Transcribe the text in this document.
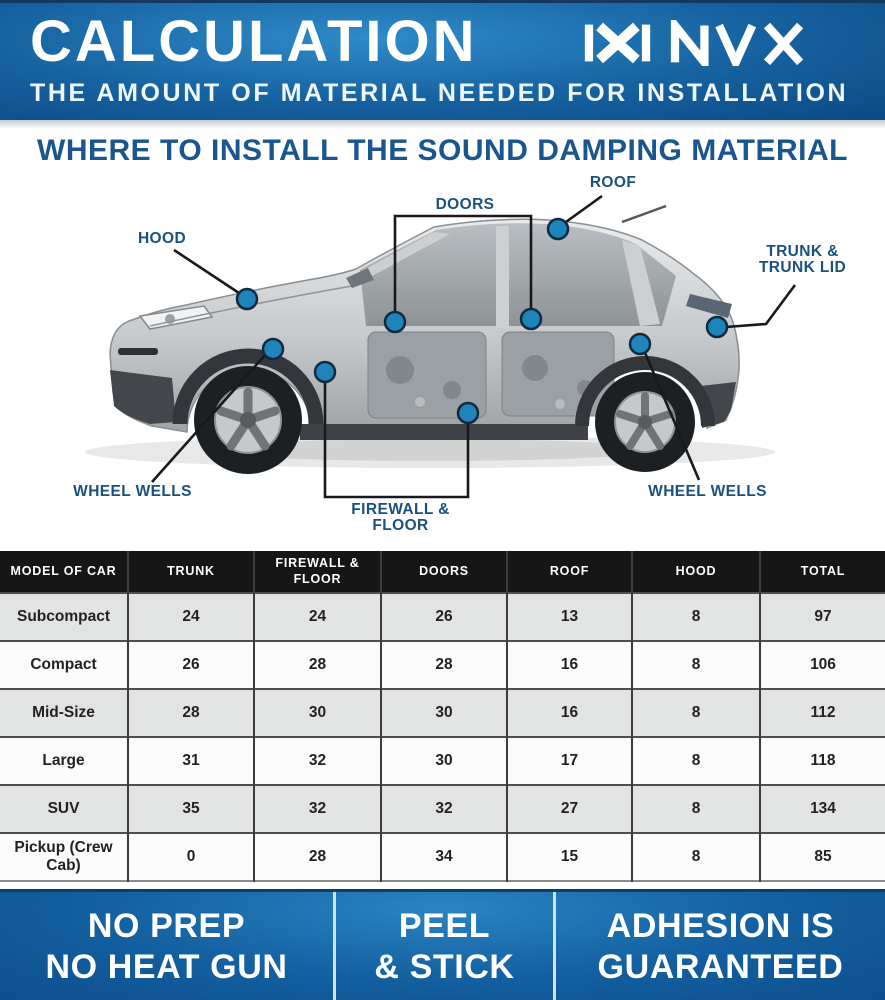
CALCULATION
THE AMOUNT OF MATERIAL NEEDED FOR INSTALLATION
WHERE TO INSTALL THE SOUND DAMPING MATERIAL
HOOD
DOORS
ROOF
TRUNK &
TRUNK LID
WHEEL WELLS	WHEEL WELLS
FIREWALL &
FLOOR
MODEL OF CAR	TRUNK	FIREWALL & FLOOR	DOORS	ROOF	HOOD	TOTAL
Subcompact	24	24	26	13	8	97
Compact	26	28	28	16	8	106
Mid-Size	28	30	30	16	8	112
Large	31	32	30	17	8	118
SUV	35	32	32	27	8	134
Pickup (Crew Cab)	0	28	34	15	8	85
NO PREP
NO HEAT GUN
PEEL
& STICK
ADHESION IS
GUARANTEED
